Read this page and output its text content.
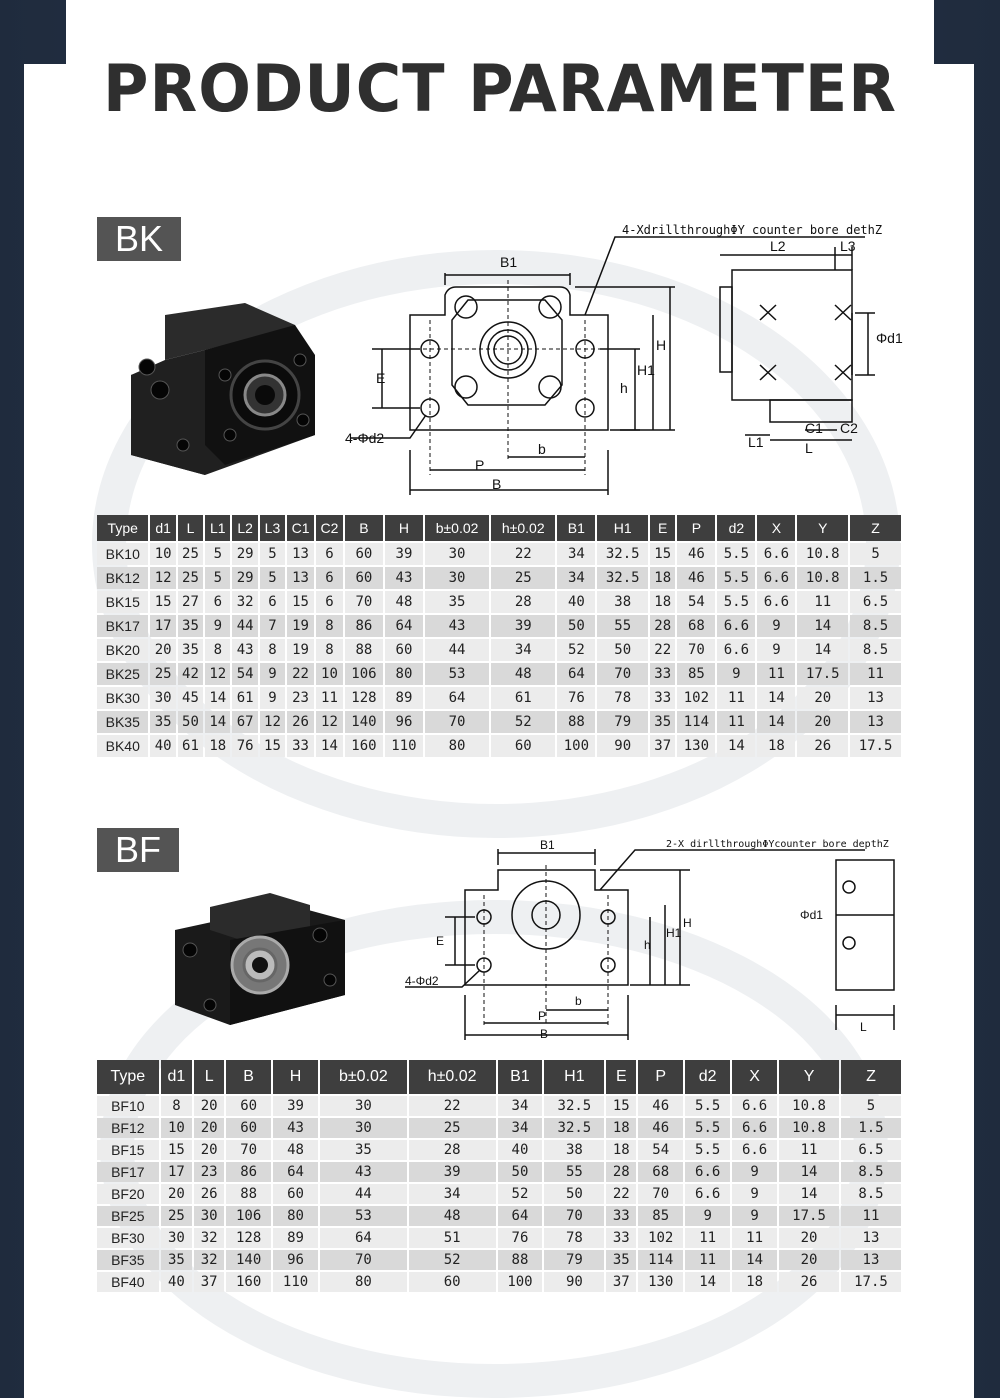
PRODUCT PARAMETER
BK
B1
E
H
H1
h
b
P
B
4-Φd2
4-XdrillthroughΦY counter bore dethZ
L2	L3
Φd1
L1
C1 C2
L
Type	d1	L	L1	L2	L3	C1	C2	B	H	b±0.02	h±0.02	B1	H1	E	P	d2	X	Y	Z
BK10	10	25	5	29	5	13	6	60	39	30	22	34	32.5	15	46	5.5	6.6	10.8	5
BK12	12	25	5	29	5	13	6	60	43	30	25	34	32.5	18	46	5.5	6.6	10.8	1.5
BK15	15	27	6	32	6	15	6	70	48	35	28	40	38	18	54	5.5	6.6	11	6.5
BK17	17	35	9	44	7	19	8	86	64	43	39	50	55	28	68	6.6	9	14	8.5
BK20	20	35	8	43	8	19	8	88	60	44	34	52	50	22	70	6.6	9	14	8.5
BK25	25	42	12	54	9	22	10	106	80	53	48	64	70	33	85	9	11	17.5	11
BK30	30	45	14	61	9	23	11	128	89	64	61	76	78	33	102	11	14	20	13
BK35	35	50	14	67	12	26	12	140	96	70	52	88	79	35	114	11	14	20	13
BK40	40	61	18	76	15	33	14	160	110	80	60	100	90	37	130	14	18	26	17.5
BF	B1
E
H
H1
h
b
P
B
4-Φd2
2-X dirllthroughΦYcounter bore depthZ
Φd1
L
Type	d1	L	B	H	b±0.02	h±0.02	B1	H1	E	P	d2	X	Y	Z
BF10	8	20	60	39	30	22	34	32.5	15	46	5.5	6.6	10.8	5
BF12	10	20	60	43	30	25	34	32.5	18	46	5.5	6.6	10.8	1.5
BF15	15	20	70	48	35	28	40	38	18	54	5.5	6.6	11	6.5
BF17	17	23	86	64	43	39	50	55	28	68	6.6	9	14	8.5
BF20	20	26	88	60	44	34	52	50	22	70	6.6	9	14	8.5
BF25	25	30	106	80	53	48	64	70	33	85	9	9	17.5	11
BF30	30	32	128	89	64	51	76	78	33	102	11	11	20	13
BF35	35	32	140	96	70	52	88	79	35	114	11	14	20	13
BF40	40	37	160	110	80	60	100	90	37	130	14	18	26	17.5
